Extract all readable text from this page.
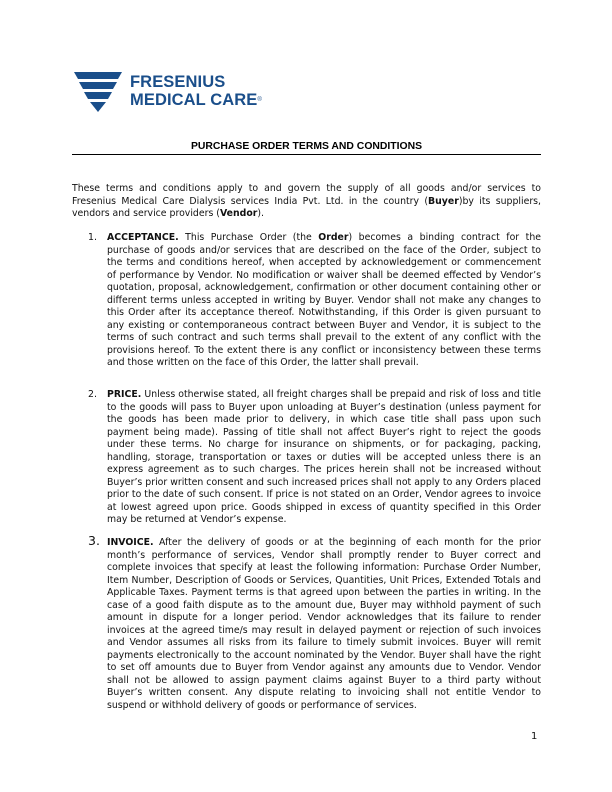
FRESENIUS
MEDICAL CARE®
PURCHASE ORDER TERMS AND CONDITIONS
These terms and conditions apply to and govern the supply of all goods and/or services to Fresenius Medical Care Dialysis services India Pvt. Ltd. in the country (Buyer)by its suppliers, vendors and service providers (Vendor).
1. ACCEPTANCE. This Purchase Order (the Order) becomes a binding contract for the purchase of goods and/or services that are described on the face of the Order, subject to the terms and conditions hereof, when accepted by acknowledgement or commencement of performance by Vendor. No modification or waiver shall be deemed effected by Vendor’s quotation, proposal, acknowledgement, confirmation or other document containing other or different terms unless accepted in writing by Buyer. Vendor shall not make any changes to this Order after its acceptance thereof. Notwithstanding, if this Order is given pursuant to any existing or contemporaneous contract between Buyer and Vendor, it is subject to the terms of such contract and such terms shall prevail to the extent of any conflict with the provisions hereof. To the extent there is any conflict or inconsistency between these terms and those written on the face of this Order, the latter shall prevail.
2. PRICE. Unless otherwise stated, all freight charges shall be prepaid and risk of loss and title to the goods will pass to Buyer upon unloading at Buyer’s destination (unless payment for the goods has been made prior to delivery, in which case title shall pass upon such payment being made). Passing of title shall not affect Buyer’s right to reject the goods under these terms. No charge for insurance on shipments, or for packaging, packing, handling, storage, transportation or taxes or duties will be accepted unless there is an express agreement as to such charges. The prices herein shall not be increased without Buyer’s prior written consent and such increased prices shall not apply to any Orders placed prior to the date of such consent. If price is not stated on an Order, Vendor agrees to invoice at lowest agreed upon price. Goods shipped in excess of quantity specified in this Order may be returned at Vendor’s expense.
3. INVOICE. After the delivery of goods or at the beginning of each month for the prior month’s performance of services, Vendor shall promptly render to Buyer correct and complete invoices that specify at least the following information: Purchase Order Number, Item Number, Description of Goods or Services, Quantities, Unit Prices, Extended Totals and Applicable Taxes. Payment terms is that agreed upon between the parties in writing. In the case of a good faith dispute as to the amount due, Buyer may withhold payment of such amount in dispute for a longer period. Vendor acknowledges that its failure to render invoices at the agreed time/s may result in delayed payment or rejection of such invoices and Vendor assumes all risks from its failure to timely submit invoices. Buyer will remit payments electronically to the account nominated by the Vendor. Buyer shall have the right to set off amounts due to Buyer from Vendor against any amounts due to Vendor. Vendor shall not be allowed to assign payment claims against Buyer to a third party without Buyer’s written consent. Any dispute relating to invoicing shall not entitle Vendor to suspend or withhold delivery of goods or performance of services.
1
